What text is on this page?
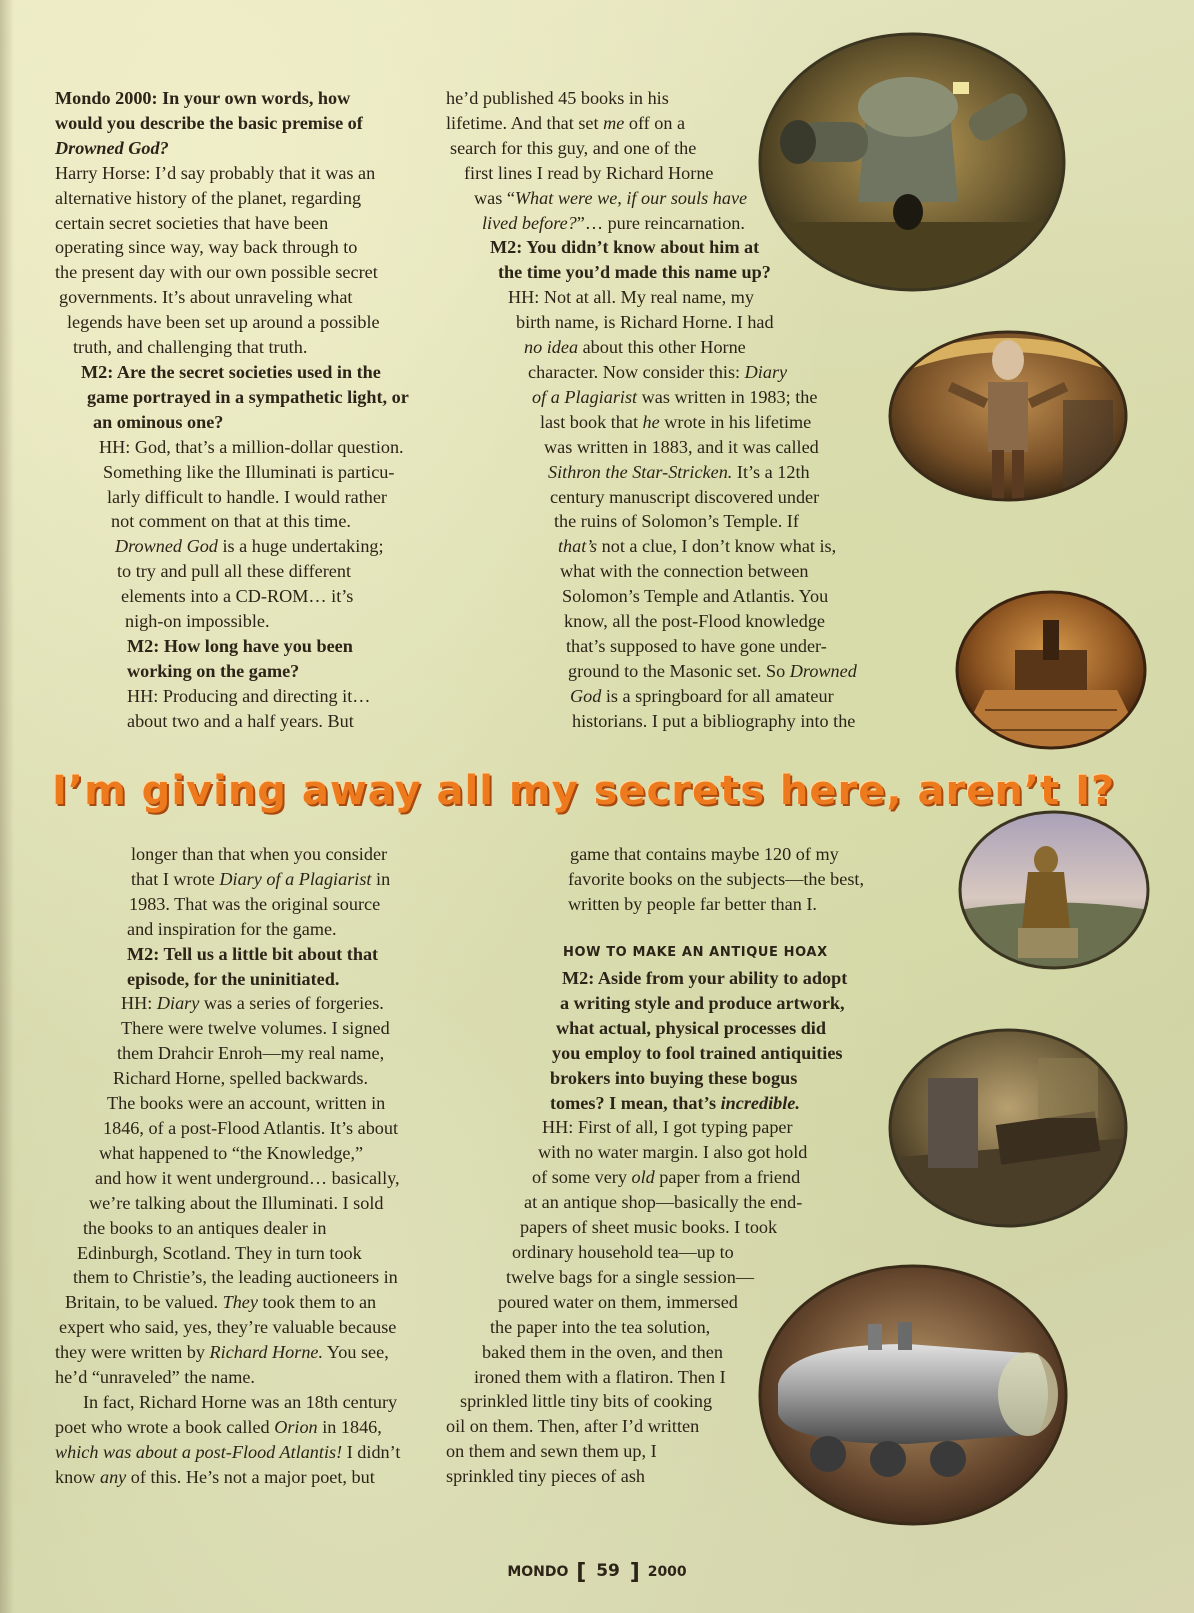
Mondo 2000: In your own words, how
would you describe the basic premise of
Drowned God?
Harry Horse: I’d say probably that it was an
alternative history of the planet, regarding
certain secret societies that have been
operating since way, way back through to
the present day with our own possible secret
governments. It’s about unraveling what
legends have been set up around a possible
truth, and challenging that truth.
M2: Are the secret societies used in the
game portrayed in a sympathetic light, or
an ominous one?
HH: God, that’s a million-dollar question.
Something like the Illuminati is particu-
larly difficult to handle. I would rather
not comment on that at this time.
Drowned God is a huge undertaking;
to try and pull all these different
elements into a CD-ROM… it’s
nigh-on impossible.
M2: How long have you been
working on the game?
HH: Producing and directing it…
about two and a half years. But
he’d published 45 books in his
lifetime. And that set me off on a
search for this guy, and one of the
first lines I read by Richard Horne
was “What were we, if our souls have
lived before?”… pure reincarnation.
M2: You didn’t know about him at
the time you’d made this name up?
HH: Not at all. My real name, my
birth name, is Richard Horne. I had
no idea about this other Horne
character. Now consider this: Diary
of a Plagiarist was written in 1983; the
last book that he wrote in his lifetime
was written in 1883, and it was called
Sithron the Star-Stricken. It’s a 12th
century manuscript discovered under
the ruins of Solomon’s Temple. If
that’s not a clue, I don’t know what is,
what with the connection between
Solomon’s Temple and Atlantis. You
know, all the post-Flood knowledge
that’s supposed to have gone under-
ground to the Masonic set. So Drowned
God is a springboard for all amateur
historians. I put a bibliography into the
I’m giving away all my secrets here, aren’t I?
longer than that when you consider
that I wrote Diary of a Plagiarist in
1983. That was the original source
and inspiration for the game.
M2: Tell us a little bit about that
episode, for the uninitiated.
HH: Diary was a series of forgeries.
There were twelve volumes. I signed
them Drahcir Enroh—my real name,
Richard Horne, spelled backwards.
The books were an account, written in
1846, of a post-Flood Atlantis. It’s about
what happened to “the Knowledge,”
and how it went underground… basically,
we’re talking about the Illuminati. I sold
the books to an antiques dealer in
Edinburgh, Scotland. They in turn took
them to Christie’s, the leading auctioneers in
Britain, to be valued. They took them to an
expert who said, yes, they’re valuable because
they were written by Richard Horne. You see,
he’d “unraveled” the name.
In fact, Richard Horne was an 18th century
poet who wrote a book called Orion in 1846,
which was about a post-Flood Atlantis! I didn’t
know any of this. He’s not a major poet, but
game that contains maybe 120 of my
favorite books on the subjects—the best,
written by people far better than I.
HOW TO MAKE AN ANTIQUE HOAX
M2: Aside from your ability to adopt
a writing style and produce artwork,
what actual, physical processes did
you employ to fool trained antiquities
brokers into buying these bogus
tomes? I mean, that’s incredible.
HH: First of all, I got typing paper
with no water margin. I also got hold
of some very old paper from a friend
at an antique shop—basically the end-
papers of sheet music books. I took
ordinary household tea—up to
twelve bags for a single session—
poured water on them, immersed
the paper into the tea solution,
baked them in the oven, and then
ironed them with a flatiron. Then I
sprinkled little tiny bits of cooking
oil on them. Then, after I’d written
on them and sewn them up, I
sprinkled tiny pieces of ash
MONDO [ 59 ] 2000
